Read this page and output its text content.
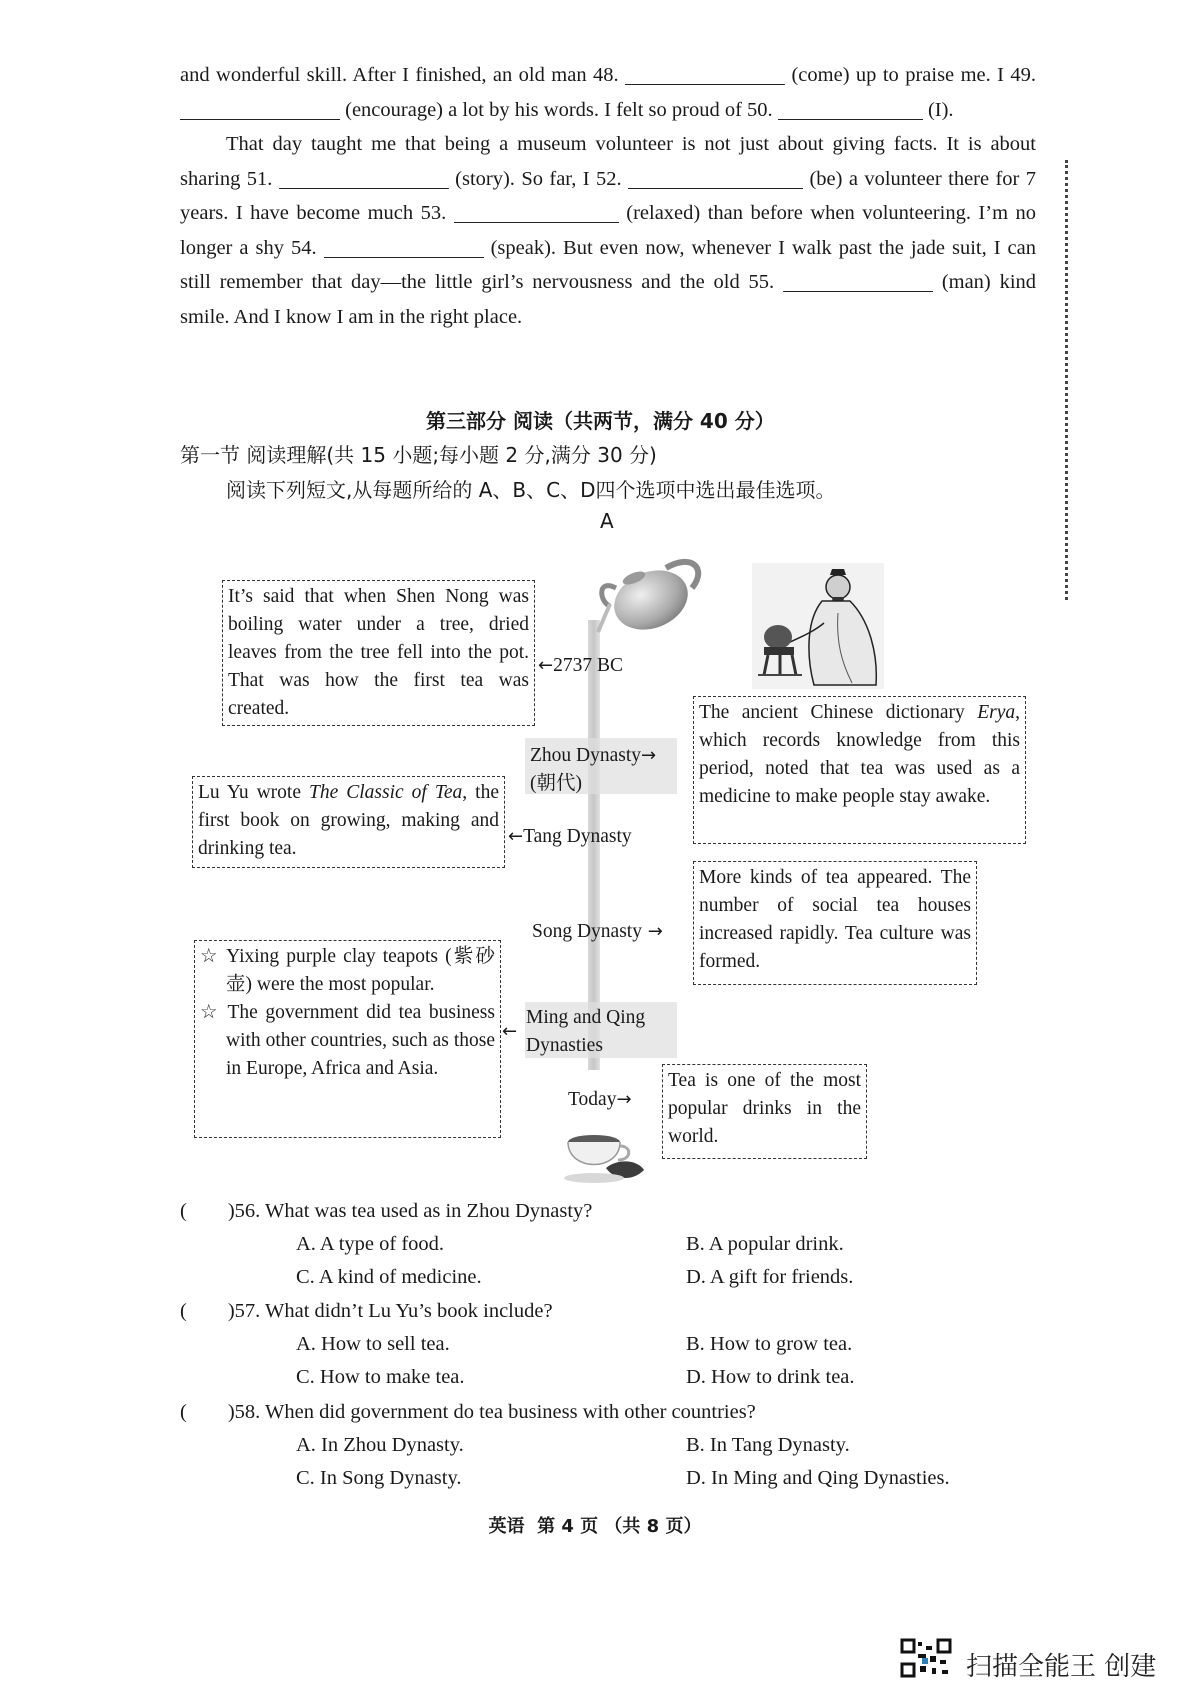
and wonderful skill. After I finished, an old man 48.	(come) up to praise me. I 49.  (encourage) a lot by his words. I felt so proud of 50.	(I).

That day taught me that being a museum volunteer is not just about giving facts. It is about sharing 51.	(story). So far, I 52.	(be) a volunteer there for 7 years. I have become much 53.	(relaxed) than before when volunteering. I’m no longer a shy 54.	(speak). But even now, whenever I walk past the jade suit, I can still remember that day—the little girl’s nervousness and the old 55.	(man) kind smile. And I know I am in the right place.

第三部分 阅读（共两节，满分 40 分）
第一节 阅读理解(共 15 小题;每小题 2 分,满分 30 分)
阅读下列短文,从每题所给的 A、B、C、D四个选项中选出最佳选项。
A

It’s said that when Shen Nong was boiling water under a tree, dried leaves from the tree fell into the pot. That was how the first tea was created.

←2737 BC
Zhou Dynasty→
(朝代)

The ancient Chinese dictionary Erya, which records knowledge from this period, noted that tea was used as a medicine to make people stay awake.

Lu Yu wrote The Classic of Tea, the first book on growing, making and drinking tea.

←Tang Dynasty
Song Dynasty →

More kinds of tea appeared. The number of social tea houses increased rapidly. Tea culture was formed.

☆ Yixing purple clay teapots (紫砂壶) were the most popular.

☆ The government did tea business with other countries, such as those in Europe, Africa and Asia.

←
Ming and Qing
Dynasties
Today→

Tea is one of the most popular drinks in the world.

(        )56. What was tea used as in Zhou Dynasty?
A. A type of food.	B. A popular drink.
C. A kind of medicine.	D. A gift for friends.
(        )57. What didn’t Lu Yu’s book include?
A. How to sell tea.	B. How to grow tea.
C. How to make tea.	D. How to drink tea.
(        )58. When did government do tea business with other countries?
A. In Zhou Dynasty.	B. In Tang Dynasty.
C. In Song Dynasty.	D. In Ming and Qing Dynasties.
英语  第 4 页 （共 8 页）
扫描全能王 创建
